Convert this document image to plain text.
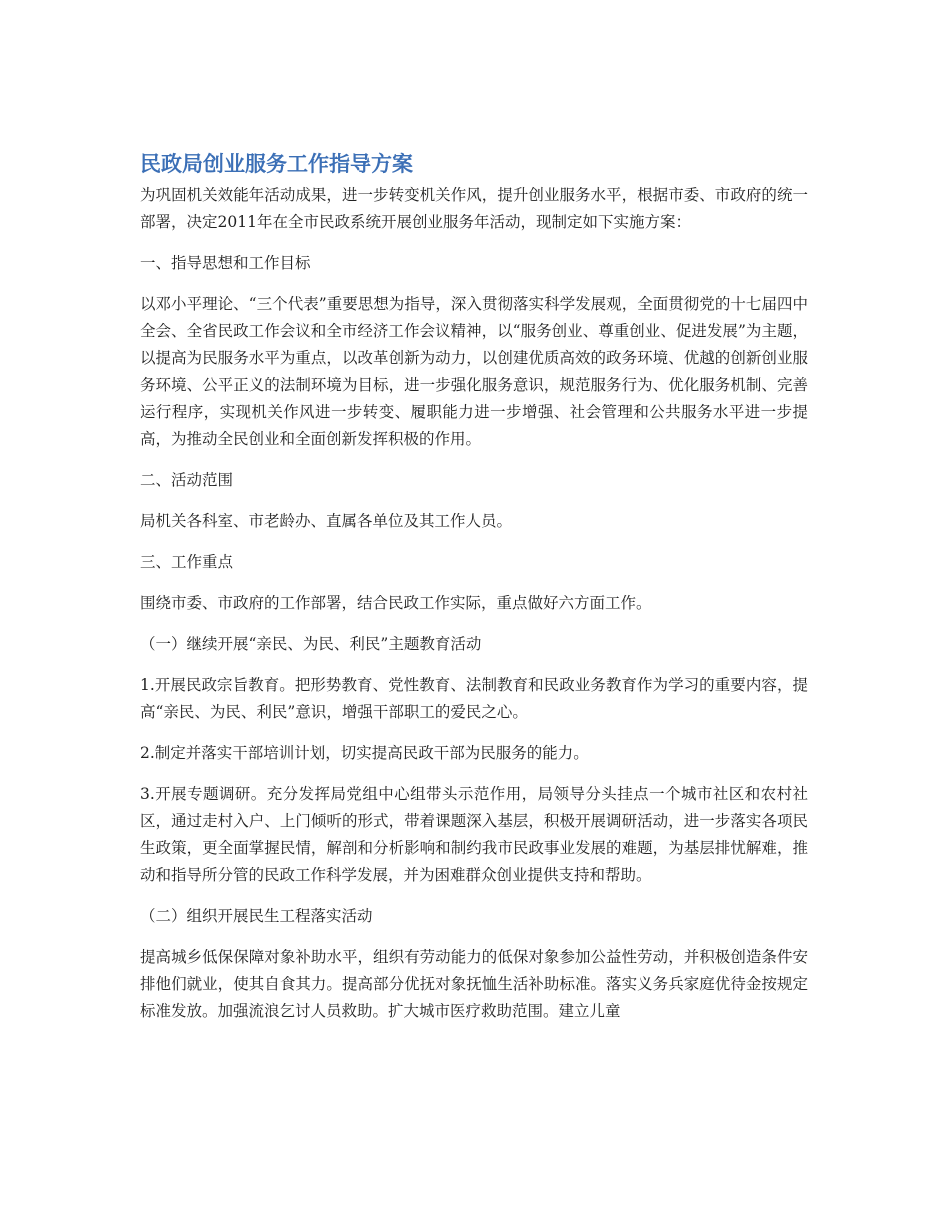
民政局创业服务工作指导方案

为巩固机关效能年活动成果，进一步转变机关作风，提升创业服务水平，根据市委、市政府的统一部署，决定2011年在全市民政系统开展创业服务年活动，现制定如下实施方案：

一、指导思想和工作目标

以邓小平理论、“三个代表”重要思想为指导，深入贯彻落实科学发展观，全面贯彻党的十七届四中全会、全省民政工作会议和全市经济工作会议精神，以“服务创业、尊重创业、促进发展”为主题，以提高为民服务水平为重点，以改革创新为动力，以创建优质高效的政务环境、优越的创新创业服务环境、公平正义的法制环境为目标，进一步强化服务意识，规范服务行为、优化服务机制、完善运行程序，实现机关作风进一步转变、履职能力进一步增强、社会管理和公共服务水平进一步提高，为推动全民创业和全面创新发挥积极的作用。

二、活动范围

局机关各科室、市老龄办、直属各单位及其工作人员。

三、工作重点

围绕市委、市政府的工作部署，结合民政工作实际，重点做好六方面工作。

（一）继续开展“亲民、为民、利民”主题教育活动

1.开展民政宗旨教育。把形势教育、党性教育、法制教育和民政业务教育作为学习的重要内容，提高“亲民、为民、利民”意识，增强干部职工的爱民之心。

2.制定并落实干部培训计划，切实提高民政干部为民服务的能力。

3.开展专题调研。充分发挥局党组中心组带头示范作用，局领导分头挂点一个城市社区和农村社区，通过走村入户、上门倾听的形式，带着课题深入基层，积极开展调研活动，进一步落实各项民生政策，更全面掌握民情，解剖和分析影响和制约我市民政事业发展的难题，为基层排忧解难，推动和指导所分管的民政工作科学发展，并为困难群众创业提供支持和帮助。

（二）组织开展民生工程落实活动

提高城乡低保保障对象补助水平，组织有劳动能力的低保对象参加公益性劳动，并积极创造条件安排他们就业，使其自食其力。提高部分优抚对象抚恤生活补助标准。落实义务兵家庭优待金按规定标准发放。加强流浪乞讨人员救助。扩大城市医疗救助范围。建立儿童
